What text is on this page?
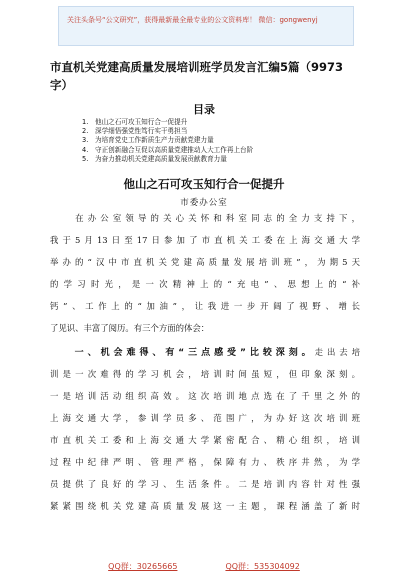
关注头条号“公文研究”，获得最新最全最专业的公文资料库！ 微信：gongwenyj
市直机关党建高质量发展培训班学员发言汇编5篇（9973字）
目录
1.	他山之石可攻玉知行合一促提升
2.	深学细悟强党性笃行实干勇担当
3.	为培育党史工作新质生产力贡献党建力量
4.	守正创新融合互促以高质量党建推动人大工作再上台阶
5.	为奋力推动机关党建高质量发展贡献教育力量
他山之石可攻玉知行合一促提升
市委办公室
　　在办公室领导的关心关怀和科室同志的全力支持下，
我于5月13日至17日参加了市直机关工委在上海交通大学
举办的“汉中市直机关党建高质量发展培训班”，为期5天
的学习时光，是一次精神上的“充电”、思想上的“补
钙”、工作上的“加油”，让我进一步开阔了视野、增长
了见识、丰富了阅历。有三个方面的体会：
　　一、机会难得、有“三点感受”比较深刻。走出去培
训是一次难得的学习机会，培训时间虽短，但印象深刻。
一是培训活动组织高效。这次培训地点选在了千里之外的
上海交通大学，参训学员多、范围广，为办好这次培训班
市直机关工委和上海交通大学紧密配合、精心组织，培训
过程中纪律严明、管理严格，保障有力、秩序井然，为学
员提供了良好的学习、生活条件。二是培训内容针对性强
紧紧围绕机关党建高质量发展这一主题，课程涵盖了新时
QQ群：30265665	QQ群：535304092
